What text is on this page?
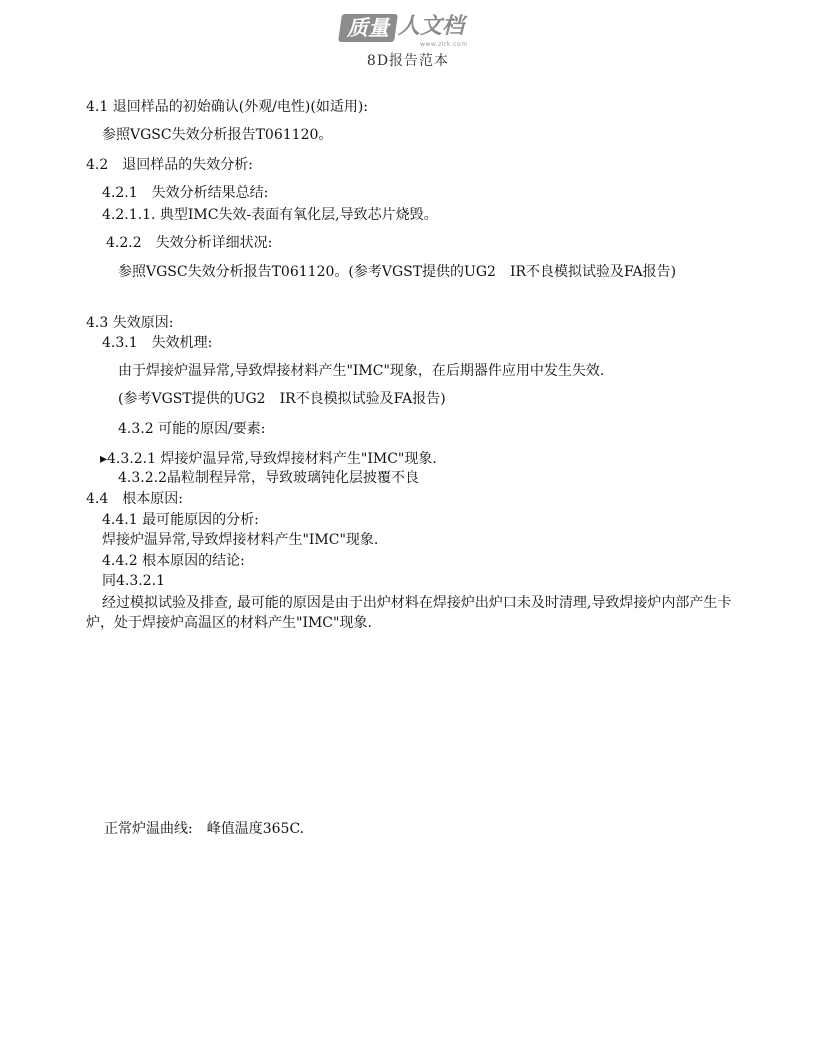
质量 人文档
www.zlrk.com
8D报告范本
4.1 退回样品的初始确认(外观/电性)(如适用):
参照VGSC失效分析报告T061120。
4.2　退回样品的失效分析:
4.2.1　失效分析结果总结:
4.2.1.1. 典型IMC失效-表面有氧化层,导致芯片烧毁。
4.2.2　失效分析详细状况:
参照VGSC失效分析报告T061120。(参考VGST提供的UG2　IR不良模拟试验及FA报告)
4.3 失效原因:
4.3.1　失效机理:
由于焊接炉温异常,导致焊接材料产生"IMC"现象，在后期器件应用中发生失效.
(参考VGST提供的UG2　IR不良模拟试验及FA报告)
4.3.2 可能的原因/要素:
▸4.3.2.1 焊接炉温异常,导致焊接材料产生"IMC"现象.
4.3.2.2晶粒制程异常，导致玻璃钝化层披覆不良
4.4　根本原因:
4.4.1 最可能原因的分析:
焊接炉温异常,导致焊接材料产生"IMC"现象.
4.4.2 根本原因的结论:
同4.3.2.1
经过模拟试验及排查, 最可能的原因是由于出炉材料在焊接炉出炉口未及时清理,导致焊接炉内部产生卡炉，处于焊接炉高温区的材料产生"IMC"现象.
正常炉温曲线:　峰值温度365C.
